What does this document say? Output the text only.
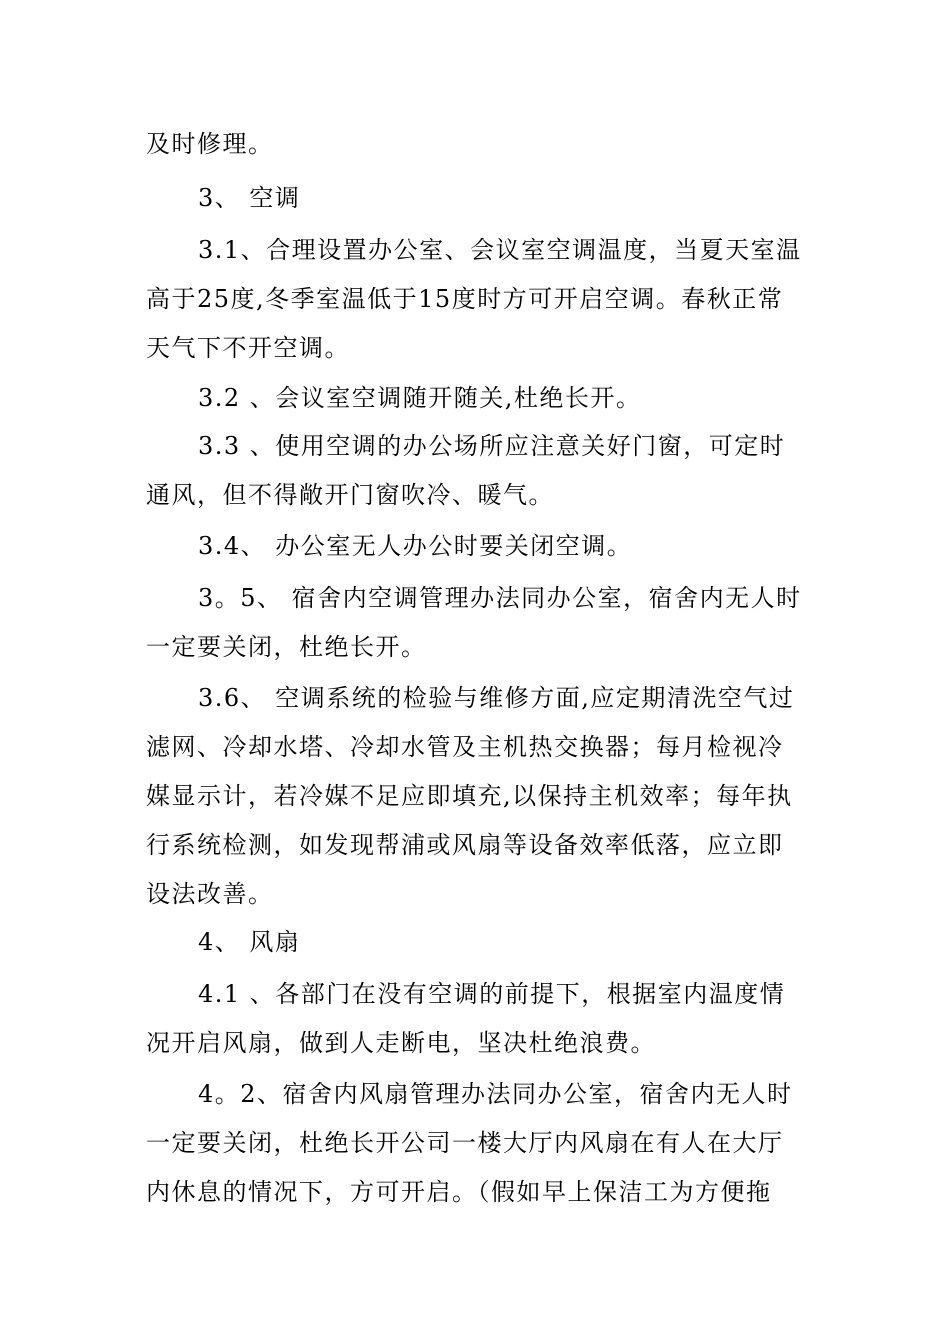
及时修理。

3、 空调

3.1、合理设置办公室、会议室空调温度，当夏天室温高于25度,冬季室温低于15度时方可开启空调。春秋正常天气下不开空调。

3.2 、会议室空调随开随关,杜绝长开。

3.3 、使用空调的办公场所应注意关好门窗，可定时通风，但不得敞开门窗吹冷、暖气。

3.4、 办公室无人办公时要关闭空调。

3。5、 宿舍内空调管理办法同办公室，宿舍内无人时一定要关闭，杜绝长开。

3.6、 空调系统的检验与维修方面,应定期清洗空气过滤网、冷却水塔、冷却水管及主机热交换器；每月检视冷媒显示计，若冷媒不足应即填充,以保持主机效率；每年执行系统检测，如发现帮浦或风扇等设备效率低落，应立即设法改善。

4、 风扇

4.1 、各部门在没有空调的前提下，根据室内温度情况开启风扇，做到人走断电，坚决杜绝浪费。

4。2、宿舍内风扇管理办法同办公室，宿舍内无人时一定要关闭，杜绝长开公司一楼大厅内风扇在有人在大厅内休息的情况下，方可开启。（假如早上保洁工为方便拖
